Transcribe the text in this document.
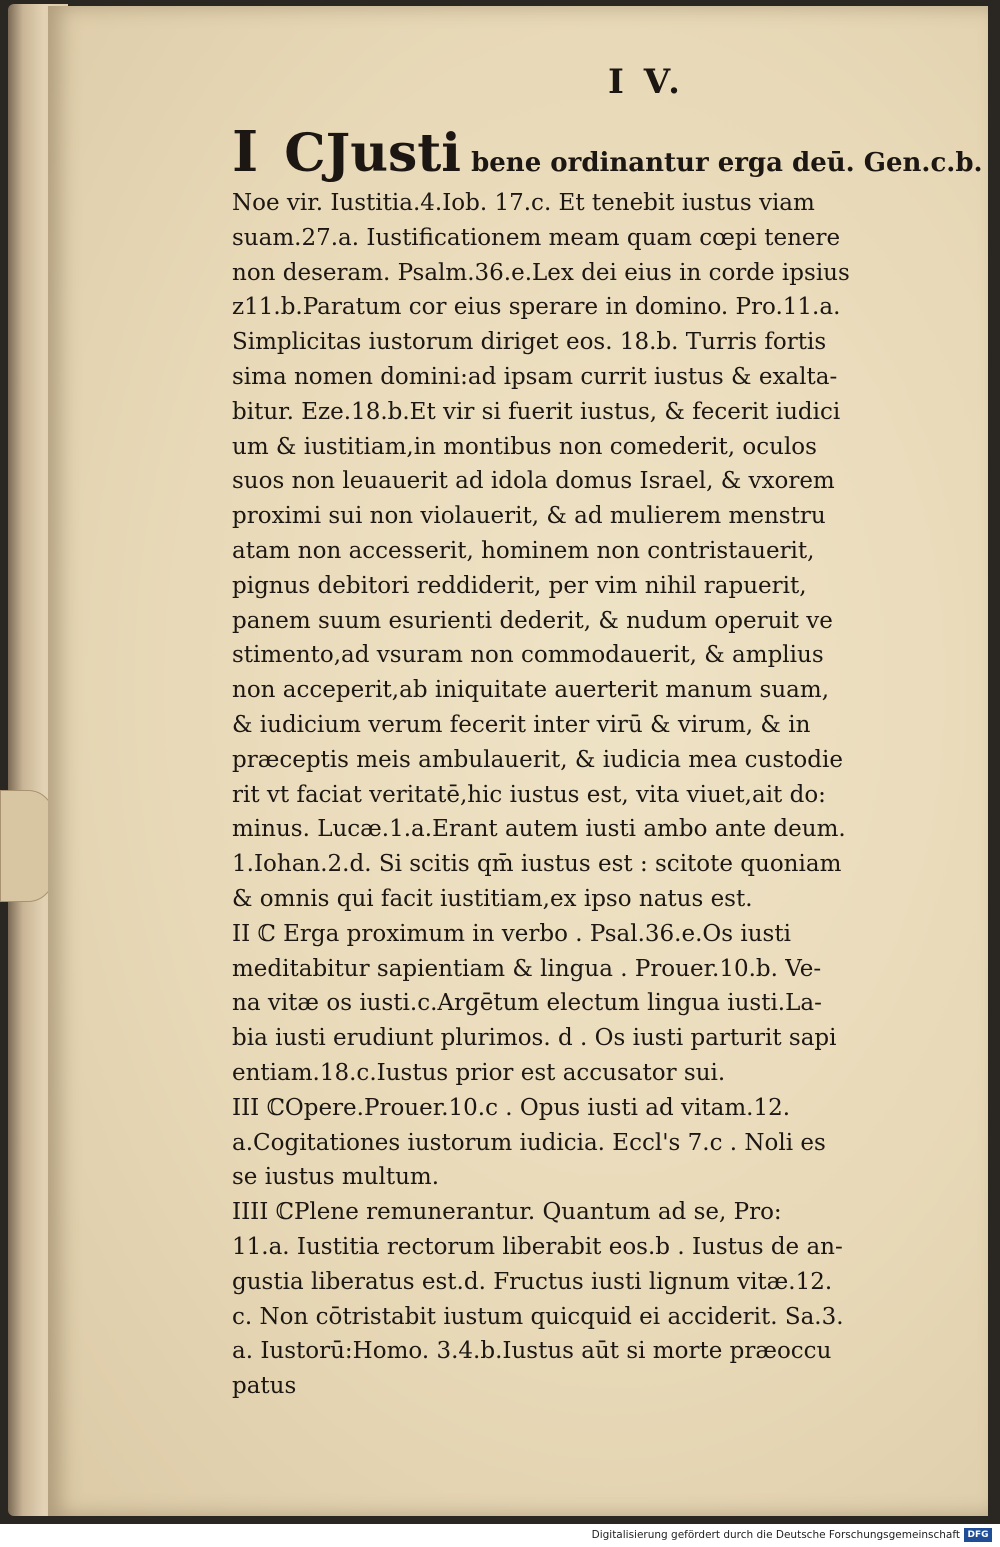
I V.
I CJusti bene ordinantur erga deū. Gen.c.b.
Noe vir. Iustitia.4.Iob. 17.c. Et tenebit iustus viam
suam.27.a. Iustificationem meam quam cœpi tenere
non deseram. Psalm.36.e.Lex dei eius in corde ipsius
z11.b.Paratum cor eius sperare in domino. Pro.11.a.
Simplicitas iustorum diriget eos. 18.b. Turris fortis
sima nomen domini:ad ipsam currit iustus & exalta-
bitur. Eze.18.b.Et vir si fuerit iustus, & fecerit iudici
um & iustitiam,in montibus non comederit, oculos
suos non leuauerit ad idola domus Israel, & vxorem
proximi sui non violauerit, & ad mulierem menstru
atam non accesserit, hominem non contristauerit,
pignus debitori reddiderit, per vim nihil rapuerit,
panem suum esurienti dederit, & nudum operuit ve
stimento,ad vsuram non commodauerit, & amplius
non acceperit,ab iniquitate auerterit manum suam,
& iudicium verum fecerit inter virū & virum, & in
præceptis meis ambulauerit, & iudicia mea custodie
rit vt faciat veritatē,hic iustus est, vita viuet,ait do:
minus. Lucæ.1.a.Erant autem iusti ambo ante deum.
1.Iohan.2.d. Si scitis qm̄ iustus est : scitote quoniam
& omnis qui facit iustitiam,ex ipso natus est.
II ℂ Erga proximum in verbo . Psal.36.e.Os iusti
meditabitur sapientiam & lingua . Prouer.10.b. Ve-
na vitæ os iusti.c.Argētum electum lingua iusti.La-
bia iusti erudiunt plurimos. d . Os iusti parturit sapi
entiam.18.c.Iustus prior est accusator sui.
III ℂOpere.Prouer.10.c . Opus iusti ad vitam.12.
a.Cogitationes iustorum iudicia. Eccl's 7.c . Noli es
se iustus multum.
IIII ℂPlene remunerantur. Quantum ad se, Pro:
11.a. Iustitia rectorum liberabit eos.b . Iustus de an-
gustia liberatus est.d. Fructus iusti lignum vitæ.12.
c. Non cōtristabit iustum quicquid ei acciderit. Sa.3.
a. Iustorū:Homo. 3.4.b.Iustus aūt si morte præoccu
patus
Digitalisierung gefördert durch die Deutsche Forschungsgemeinschaft DFG
